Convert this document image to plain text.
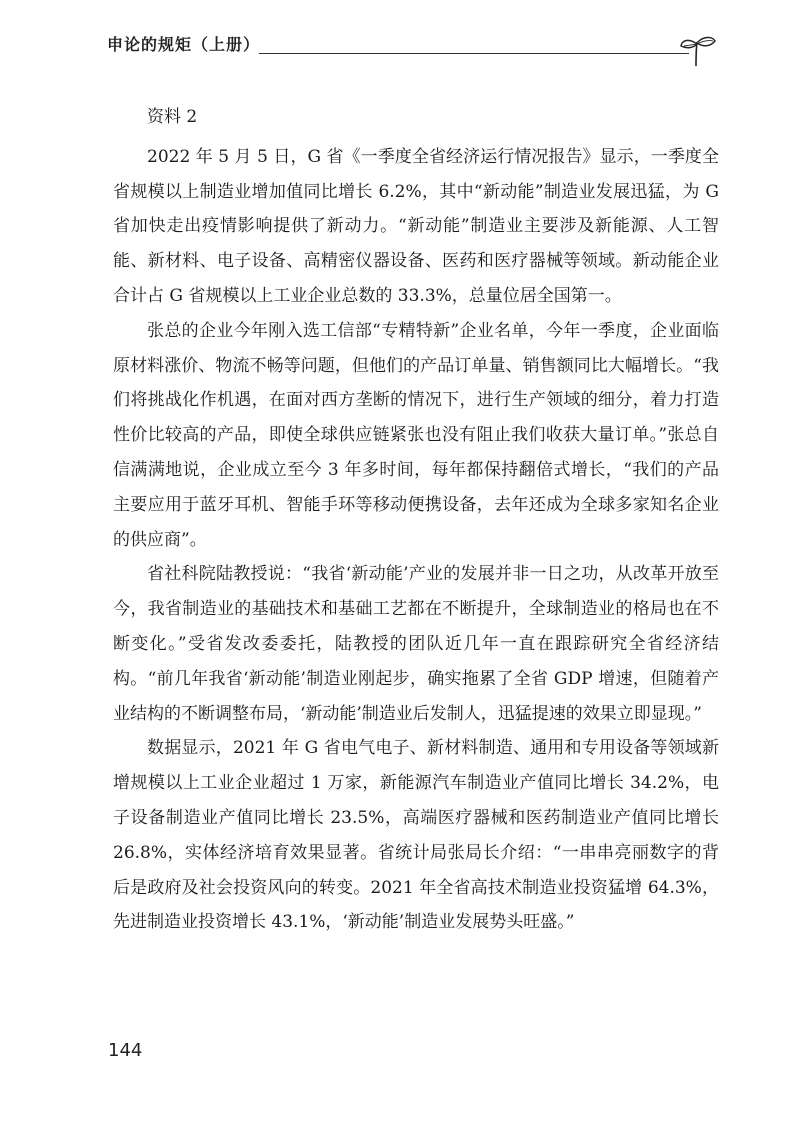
申论的规矩（上册）
资料 2

2022 年 5 月 5 日，G 省《一季度全省经济运行情况报告》显示，一季度全省规模以上制造业增加值同比增长 6.2%，其中“新动能”制造业发展迅猛，为 G 省加快走出疫情影响提供了新动力。“新动能”制造业主要涉及新能源、人工智能、新材料、电子设备、高精密仪器设备、医药和医疗器械等领域。新动能企业合计占 G 省规模以上工业企业总数的 33.3%，总量位居全国第一。

张总的企业今年刚入选工信部“专精特新”企业名单，今年一季度，企业面临原材料涨价、物流不畅等问题，但他们的产品订单量、销售额同比大幅增长。“我们将挑战化作机遇，在面对西方垄断的情况下，进行生产领域的细分，着力打造性价比较高的产品，即使全球供应链紧张也没有阻止我们收获大量订单。”张总自信满满地说，企业成立至今 3 年多时间，每年都保持翻倍式增长，“我们的产品主要应用于蓝牙耳机、智能手环等移动便携设备，去年还成为全球多家知名企业的供应商”。

省社科院陆教授说：“我省‘新动能’产业的发展并非一日之功，从改革开放至今，我省制造业的基础技术和基础工艺都在不断提升，全球制造业的格局也在不断变化。”受省发改委委托，陆教授的团队近几年一直在跟踪研究全省经济结构。“前几年我省‘新动能’制造业刚起步，确实拖累了全省 GDP 增速，但随着产业结构的不断调整布局，‘新动能’制造业后发制人，迅猛提速的效果立即显现。”

数据显示，2021 年 G 省电气电子、新材料制造、通用和专用设备等领域新增规模以上工业企业超过 1 万家，新能源汽车制造业产值同比增长 34.2%，电子设备制造业产值同比增长 23.5%，高端医疗器械和医药制造业产值同比增长 26.8%，实体经济培育效果显著。省统计局张局长介绍：“一串串亮丽数字的背后是政府及社会投资风向的转变。2021 年全省高技术制造业投资猛增 64.3%，先进制造业投资增长 43.1%，‘新动能’制造业发展势头旺盛。”

144
